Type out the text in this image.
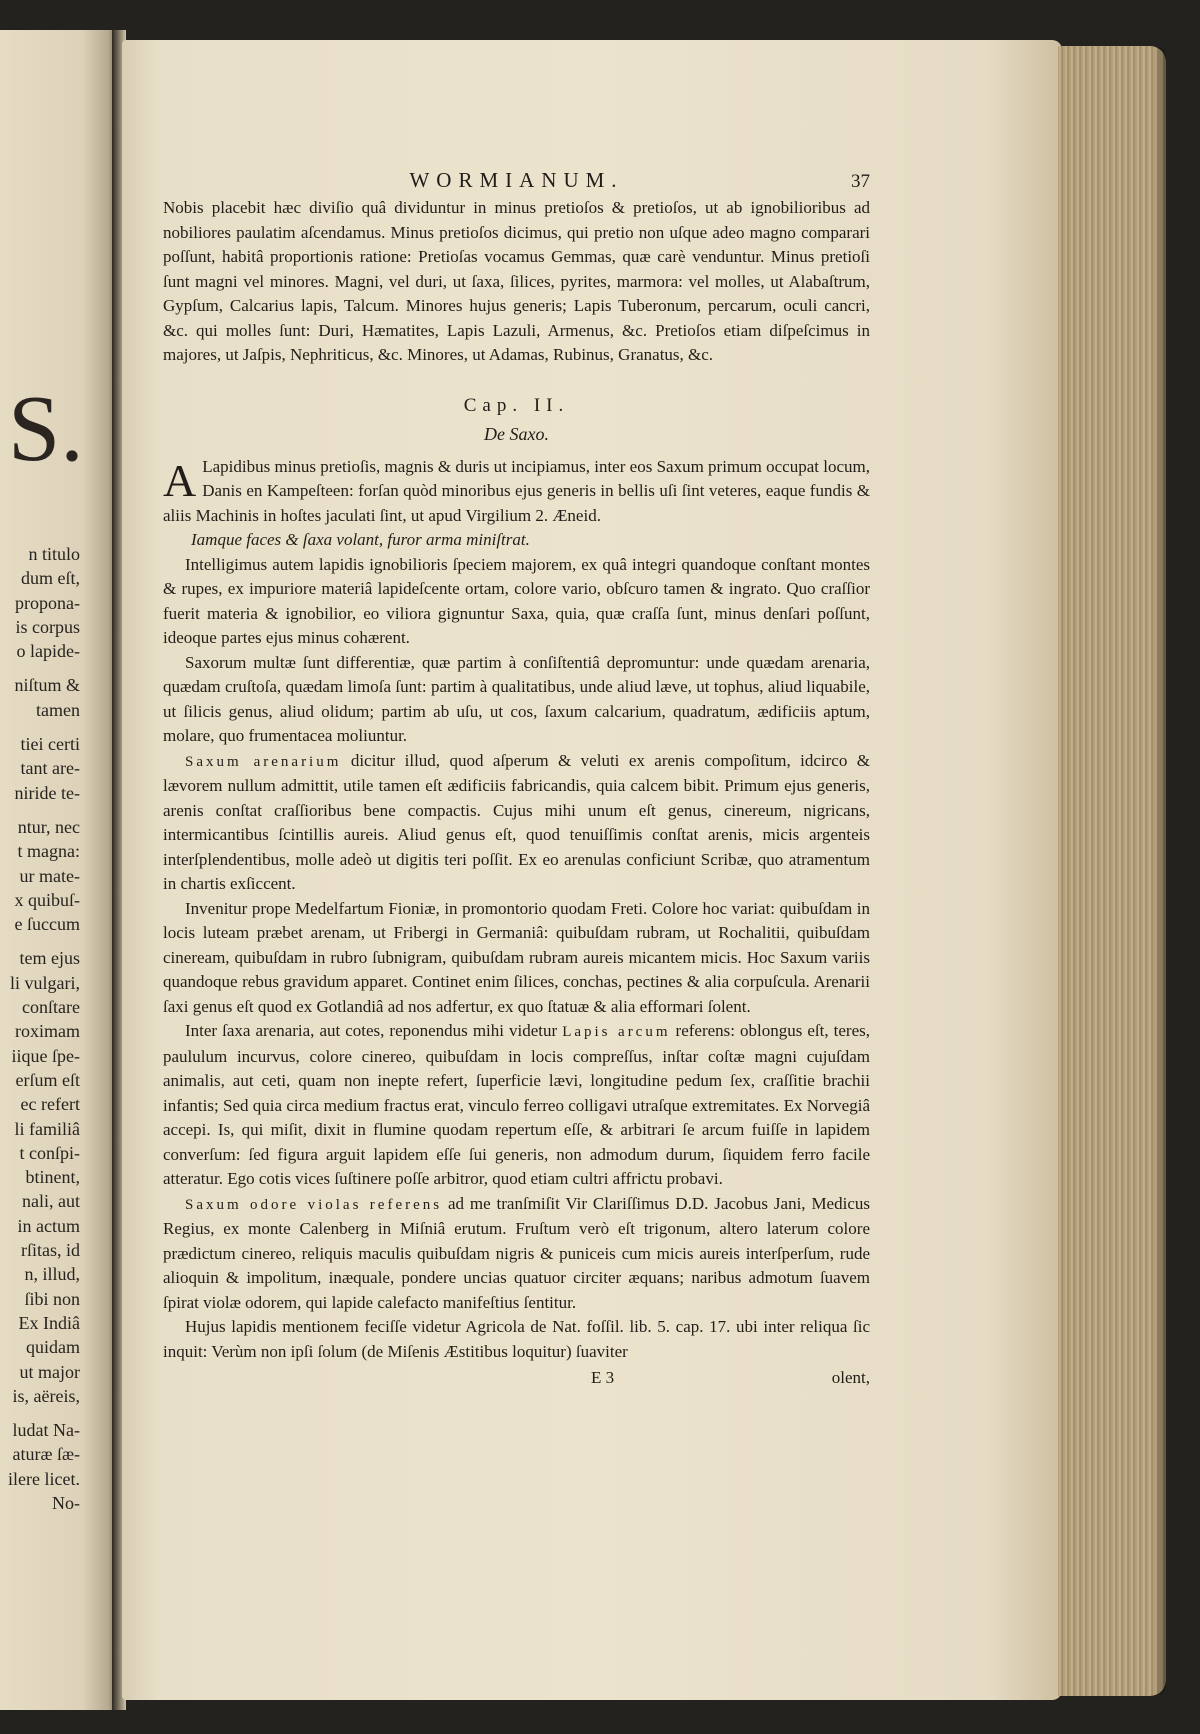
S.

n titulo
dum eſt,
propona-
is corpus
o lapide-
niſtum &
tamen
tiei certi
tant are-
niride te-
ntur, nec
t magna:
ur mate-
x quibuſ-
e ſuccum
tem ejus
li vulgari,
conſtare
roximam
iique ſpe-
erſum eſt
ec refert
li familiâ
t conſpi-
btinent,
nali, aut
in actum
rſitas, id
n, illud,
ſibi non
Ex Indiâ
quidam
ut major
is, aëreis,
ludat Na-
aturæ ſæ-
ilere licet.
No-
WORMIANUM.	37

Nobis placebit hæc diviſio quâ dividuntur in minus pretioſos & pretioſos, ut ab ignobilioribus ad nobiliores paulatim aſcendamus. Minus pretioſos dicimus, qui pretio non uſque adeo magno comparari poſſunt, habitâ proportionis ratione: Pretioſas vocamus Gemmas, quæ carè venduntur. Minus pretioſi ſunt magni vel minores. Magni, vel duri, ut ſaxa, ſilices, pyrites, marmora: vel molles, ut Alabaſtrum, Gypſum, Calcarius lapis, Talcum. Minores hujus generis; Lapis Tuberonum, percarum, oculi cancri, &c. qui molles ſunt: Duri, Hæmatites, Lapis Lazuli, Armenus, &c. Pretioſos etiam diſpeſcimus in majores, ut Jaſpis, Nephriticus, &c. Minores, ut Adamas, Rubinus, Granatus, &c.

Cap. II.
De Saxo.

A Lapidibus minus pretioſis, magnis & duris ut incipiamus, inter eos Saxum primum occupat locum, Danis en Kampeſteen: forſan quòd minoribus ejus generis in bellis uſi ſint veteres, eaque fundis & aliis Machinis in hoſtes jaculati ſint, ut apud Virgilium 2. Æneid.

Iamque faces & ſaxa volant, furor arma miniſtrat.

Intelligimus autem lapidis ignobilioris ſpeciem majorem, ex quâ integri quandoque conſtant montes & rupes, ex impuriore materiâ lapideſcente ortam, colore vario, obſcuro tamen & ingrato. Quo craſſior fuerit materia & ignobilior, eo viliora gignuntur Saxa, quia, quæ craſſa ſunt, minus denſari poſſunt, ideoque partes ejus minus cohærent.

Saxorum multæ ſunt differentiæ, quæ partim à conſiſtentiâ depromuntur: unde quædam arenaria, quædam cruſtoſa, quædam limoſa ſunt: partim à qualitatibus, unde aliud læve, ut tophus, aliud liquabile, ut ſilicis genus, aliud olidum; partim ab uſu, ut cos, ſaxum calcarium, quadratum, ædificiis aptum, molare, quo frumentacea moliuntur.

Saxum arenarium dicitur illud, quod aſperum & veluti ex arenis compoſitum, idcirco & lævorem nullum admittit, utile tamen eſt ædificiis fabricandis, quia calcem bibit. Primum ejus generis, arenis conſtat craſſioribus bene compactis. Cujus mihi unum eſt genus, cinereum, nigricans, intermicantibus ſcintillis aureis. Aliud genus eſt, quod tenuiſſimis conſtat arenis, micis argenteis interſplendentibus, molle adeò ut digitis teri poſſit. Ex eo arenulas conficiunt Scribæ, quo atramentum in chartis exſiccent.

Invenitur prope Medelfartum Fioniæ, in promontorio quodam Freti. Colore hoc variat: quibuſdam in locis luteam præbet arenam, ut Fribergi in Germaniâ: quibuſdam rubram, ut Rochalitii, quibuſdam cineream, quibuſdam in rubro ſubnigram, quibuſdam rubram aureis micantem micis. Hoc Saxum variis quandoque rebus gravidum apparet. Continet enim ſilices, conchas, pectines & alia corpuſcula. Arenarii ſaxi genus eſt quod ex Gotlandiâ ad nos adfertur, ex quo ſtatuæ & alia efformari ſolent.

Inter ſaxa arenaria, aut cotes, reponendus mihi videtur Lapis arcum referens: oblongus eſt, teres, paululum incurvus, colore cinereo, quibuſdam in locis compreſſus, inſtar coſtæ magni cujuſdam animalis, aut ceti, quam non inepte refert, ſuperficie lævi, longitudine pedum ſex, craſſitie brachii infantis; Sed quia circa medium fractus erat, vinculo ferreo colligavi utraſque extremitates. Ex Norvegiâ accepi. Is, qui miſit, dixit in flumine quodam repertum eſſe, & arbitrari ſe arcum fuiſſe in lapidem converſum: ſed figura arguit lapidem eſſe ſui generis, non admodum durum, ſiquidem ferro facile atteratur. Ego cotis vices ſuſtinere poſſe arbitror, quod etiam cultri affrictu probavi.

Saxum odore violas referens ad me tranſmiſit Vir Clariſſimus D.D. Jacobus Jani, Medicus Regius, ex monte Calenberg in Miſniâ erutum. Fruſtum verò eſt trigonum, altero laterum colore prædictum cinereo, reliquis maculis quibuſdam nigris & puniceis cum micis aureis interſperſum, rude alioquin & impolitum, inæquale, pondere uncias quatuor circiter æquans; naribus admotum ſuavem ſpirat violæ odorem, qui lapide calefacto manifeſtius ſentitur.

Hujus lapidis mentionem feciſſe videtur Agricola de Nat. foſſil. lib. 5. cap. 17. ubi inter reliqua ſic inquit: Verùm non ipſi ſolum (de Miſenis Æstitibus loquitur) ſuaviter

E 3	olent,
